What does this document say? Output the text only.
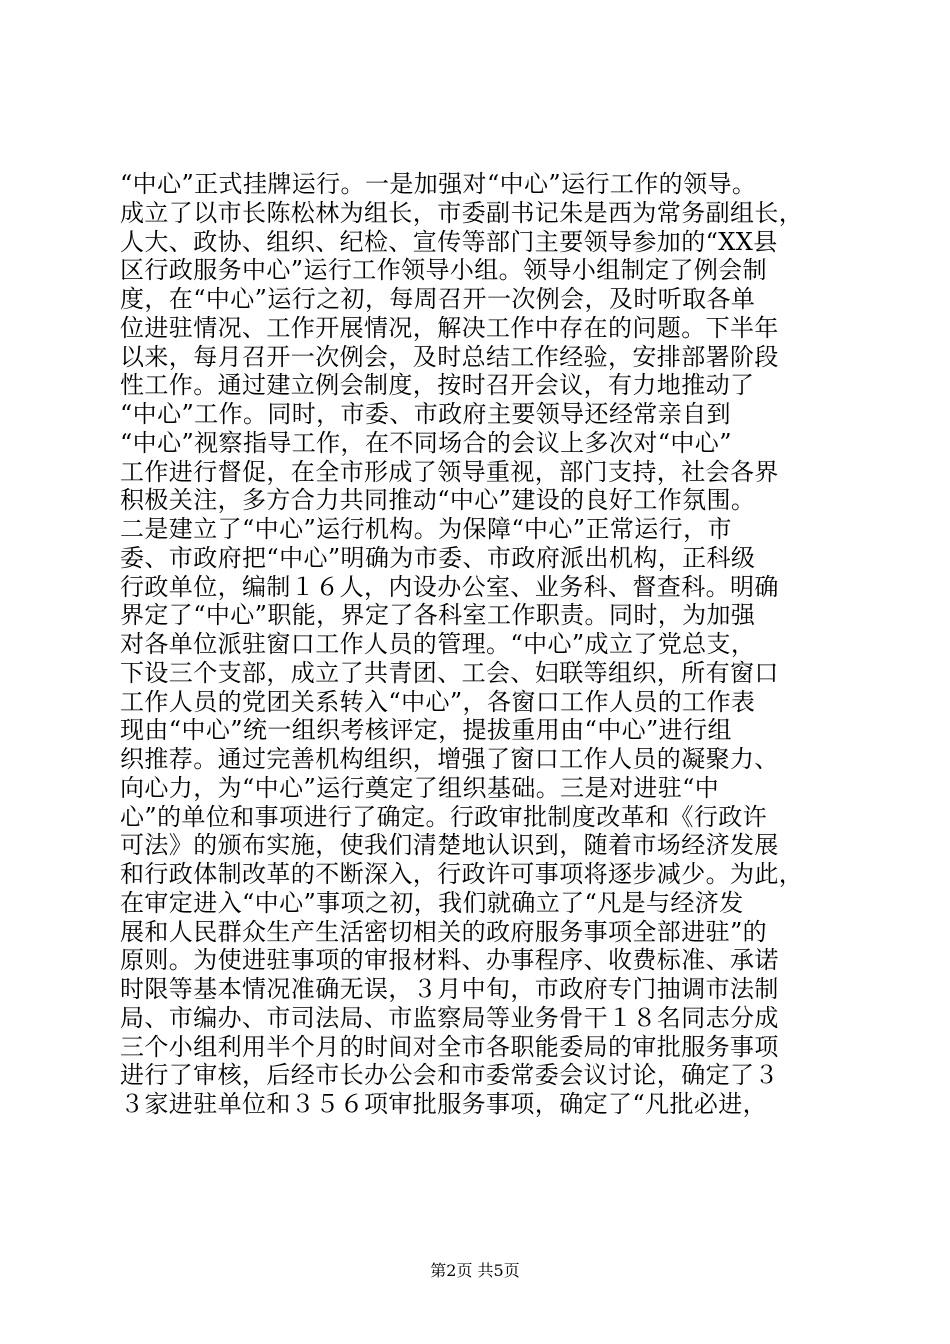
“中心”正式挂牌运行。一是加强对“中心”运行工作的领导。
成立了以市长陈松林为组长，市委副书记朱是西为常务副组长，
人大、政协、组织、纪检、宣传等部门主要领导参加的“XX县
区行政服务中心”运行工作领导小组。领导小组制定了例会制
度，在“中心”运行之初，每周召开一次例会，及时听取各单
位进驻情况、工作开展情况，解决工作中存在的问题。下半年
以来，每月召开一次例会，及时总结工作经验，安排部署阶段
性工作。通过建立例会制度，按时召开会议，有力地推动了
“中心”工作。同时，市委、市政府主要领导还经常亲自到
“中心”视察指导工作，在不同场合的会议上多次对“中心”
工作进行督促，在全市形成了领导重视，部门支持，社会各界
积极关注，多方合力共同推动“中心”建设的良好工作氛围。
二是建立了“中心”运行机构。为保障“中心”正常运行，市
委、市政府把“中心”明确为市委、市政府派出机构，正科级
行政单位，编制１６人，内设办公室、业务科、督查科。明确
界定了“中心”职能，界定了各科室工作职责。同时，为加强
对各单位派驻窗口工作人员的管理。“中心”成立了党总支，
下设三个支部，成立了共青团、工会、妇联等组织，所有窗口
工作人员的党团关系转入“中心”，各窗口工作人员的工作表
现由“中心”统一组织考核评定，提拔重用由“中心”进行组
织推荐。通过完善机构组织，增强了窗口工作人员的凝聚力、
向心力，为“中心”运行奠定了组织基础。三是对进驻“中
心”的单位和事项进行了确定。行政审批制度改革和《行政许
可法》的颁布实施，使我们清楚地认识到，随着市场经济发展
和行政体制改革的不断深入，行政许可事项将逐步减少。为此，
在审定进入“中心”事项之初，我们就确立了“凡是与经济发
展和人民群众生产生活密切相关的政府服务事项全部进驻”的
原则。为使进驻事项的审报材料、办事程序、收费标准、承诺
时限等基本情况准确无误，３月中旬，市政府专门抽调市法制
局、市编办、市司法局、市监察局等业务骨干１８名同志分成
三个小组利用半个月的时间对全市各职能委局的审批服务事项
进行了审核，后经市长办公会和市委常委会议讨论，确定了３
３家进驻单位和３５６项审批服务事项，确定了“凡批必进，
第2页 共5页
